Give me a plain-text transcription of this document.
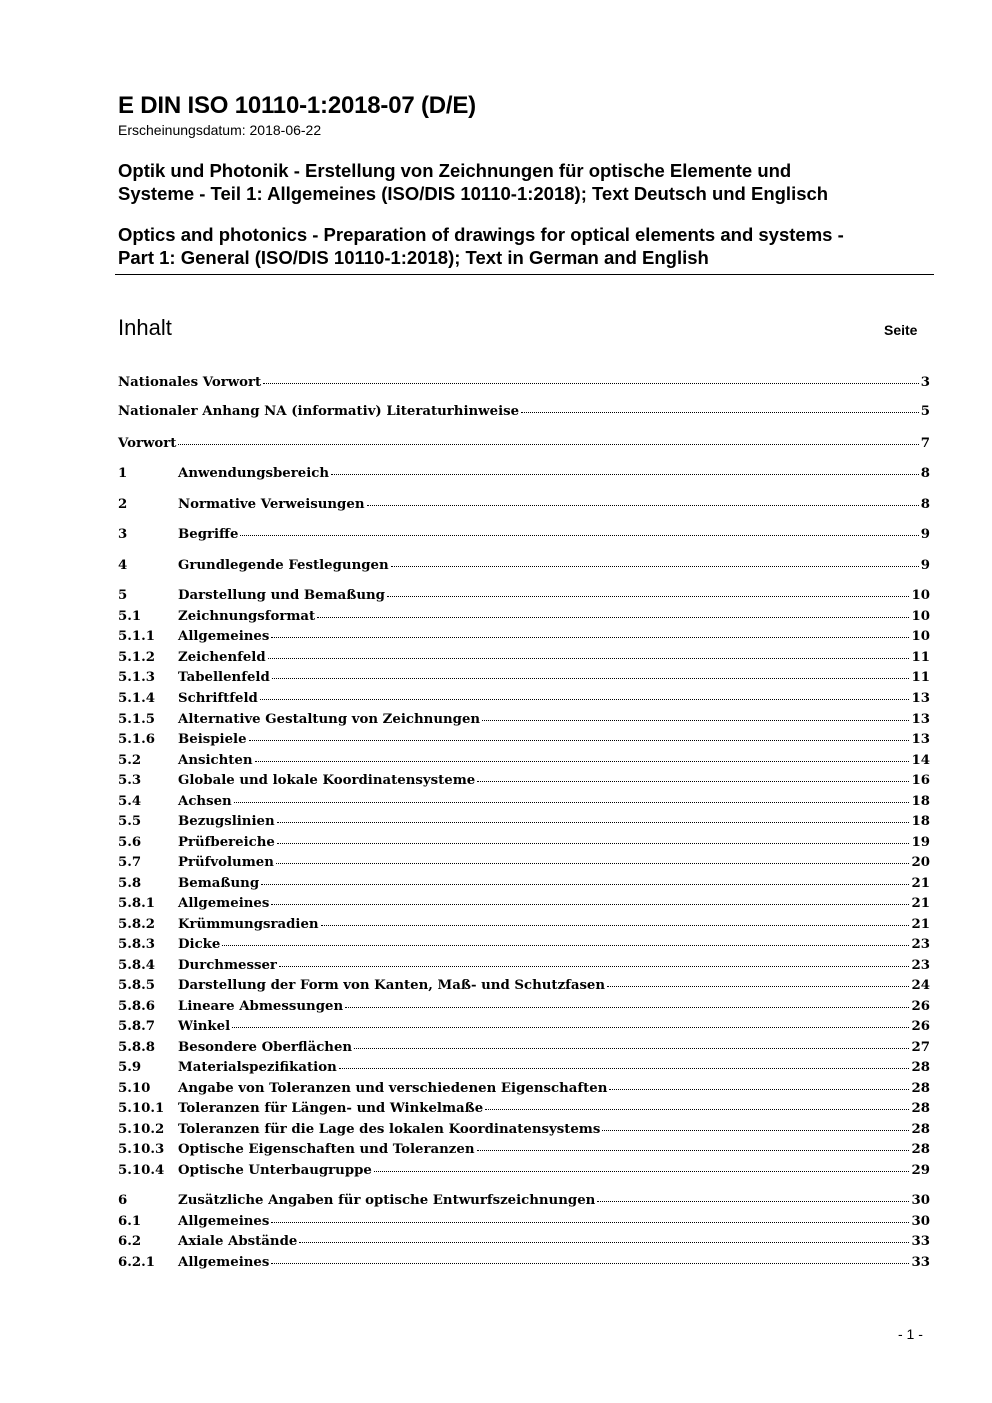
E DIN ISO 10110-1:2018-07 (D/E)
Erscheinungsdatum: 2018-06-22
Optik und Photonik - Erstellung von Zeichnungen für optische Elemente und
Systeme - Teil 1: Allgemeines (ISO/DIS 10110-1:2018); Text Deutsch und Englisch
Optics and photonics - Preparation of drawings for optical elements and systems -
Part 1: General (ISO/DIS 10110-1:2018); Text in German and English
Inhalt	Seite
Nationales Vorwort	3
Nationaler Anhang NA (informativ) Literaturhinweise	5
Vorwort	7
1	Anwendungsbereich	8
2	Normative Verweisungen	8
3	Begriffe	9
4	Grundlegende Festlegungen	9
5	Darstellung und Bemaßung	10
5.1	Zeichnungsformat	10
5.1.1	Allgemeines	10
5.1.2	Zeichenfeld	11
5.1.3	Tabellenfeld	11
5.1.4	Schriftfeld	13
5.1.5	Alternative Gestaltung von Zeichnungen	13
5.1.6	Beispiele	13
5.2	Ansichten	14
5.3	Globale und lokale Koordinatensysteme	16
5.4	Achsen	18
5.5	Bezugslinien	18
5.6	Prüfbereiche	19
5.7	Prüfvolumen	20
5.8	Bemaßung	21
5.8.1	Allgemeines	21
5.8.2	Krümmungsradien	21
5.8.3	Dicke	23
5.8.4	Durchmesser	23
5.8.5	Darstellung der Form von Kanten, Maß- und Schutzfasen	24
5.8.6	Lineare Abmessungen	26
5.8.7	Winkel	26
5.8.8	Besondere Oberflächen	27
5.9	Materialspezifikation	28
5.10	Angabe von Toleranzen und verschiedenen Eigenschaften	28
5.10.1	Toleranzen für Längen- und Winkelmaße	28
5.10.2	Toleranzen für die Lage des lokalen Koordinatensystems	28
5.10.3	Optische Eigenschaften und Toleranzen	28
5.10.4	Optische Unterbaugruppe	29
6	Zusätzliche Angaben für optische Entwurfszeichnungen	30
6.1	Allgemeines	30
6.2	Axiale Abstände	33
6.2.1	Allgemeines	33
- 1 -
